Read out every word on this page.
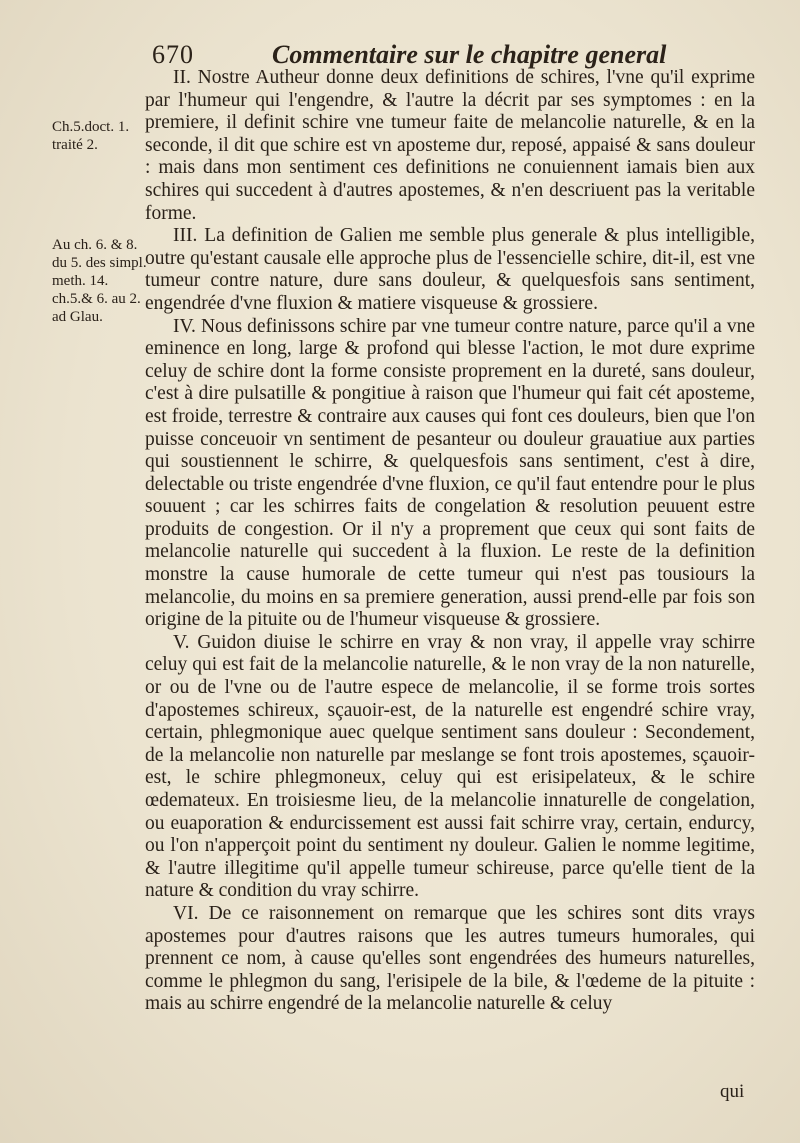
670	Commentaire sur le chapitre general
Ch.5.doct. 1. traité 2.
Au ch. 6. & 8. du 5. des simpl. meth. 14. ch.5.& 6. au 2. ad Glau.

II. Nostre Autheur donne deux definitions de schires, l'vne qu'il exprime par l'humeur qui l'engendre, & l'autre la décrit par ses symptomes : en la premiere, il definit schire vne tumeur faite de melancolie naturelle, & en la seconde, il dit que schire est vn aposteme dur, reposé, appaisé & sans douleur : mais dans mon sentiment ces definitions ne conuiennent iamais bien aux schires qui succedent à d'autres apostemes, & n'en descriuent pas la veritable forme.

III. La definition de Galien me semble plus generale & plus intelligible, outre qu'estant causale elle approche plus de l'essencielle schire, dit-il, est vne tumeur contre nature, dure sans douleur, & quelquesfois sans sentiment, engendrée d'vne fluxion & matiere visqueuse & grossiere.

IV. Nous definissons schire par vne tumeur contre nature, parce qu'il a vne eminence en long, large & profond qui blesse l'action, le mot dure exprime celuy de schire dont la forme consiste proprement en la dureté, sans douleur, c'est à dire pulsatille & pongitiue à raison que l'humeur qui fait cét aposteme, est froide, terrestre & contraire aux causes qui font ces douleurs, bien que l'on puisse conceuoir vn sentiment de pesanteur ou douleur grauatiue aux parties qui soustiennent le schirre, & quelquesfois sans sentiment, c'est à dire, delectable ou triste engendrée d'vne fluxion, ce qu'il faut entendre pour le plus souuent ; car les schirres faits de congelation & resolution peuuent estre produits de congestion. Or il n'y a proprement que ceux qui sont faits de melancolie naturelle qui succedent à la fluxion. Le reste de la definition monstre la cause humorale de cette tumeur qui n'est pas tousiours la melancolie, du moins en sa premiere generation, aussi prend-elle par fois son origine de la pituite ou de l'humeur visqueuse & grossiere.

V. Guidon diuise le schirre en vray & non vray, il appelle vray schirre celuy qui est fait de la melancolie naturelle, & le non vray de la non naturelle, or ou de l'vne ou de l'autre espece de melancolie, il se forme trois sortes d'apostemes schireux, sçauoir-est, de la naturelle est engendré schire vray, certain, phlegmonique auec quelque sentiment sans douleur : Secondement, de la melancolie non naturelle par meslange se font trois apostemes, sçauoir-est, le schire phlegmoneux, celuy qui est erisipelateux, & le schire œdemateux. En troisiesme lieu, de la melancolie innaturelle de congelation, ou euaporation & endurcissement est aussi fait schirre vray, certain, endurcy, ou l'on n'apperçoit point du sentiment ny douleur. Galien le nomme legitime, & l'autre illegitime qu'il appelle tumeur schireuse, parce qu'elle tient de la nature & condition du vray schirre.

VI. De ce raisonnement on remarque que les schires sont dits vrays apostemes pour d'autres raisons que les autres tumeurs humorales, qui prennent ce nom, à cause qu'elles sont engendrées des humeurs naturelles, comme le phlegmon du sang, l'erisipele de la bile, & l'œdeme de la pituite : mais au schirre engendré de la melancolie naturelle & celuy

qui
